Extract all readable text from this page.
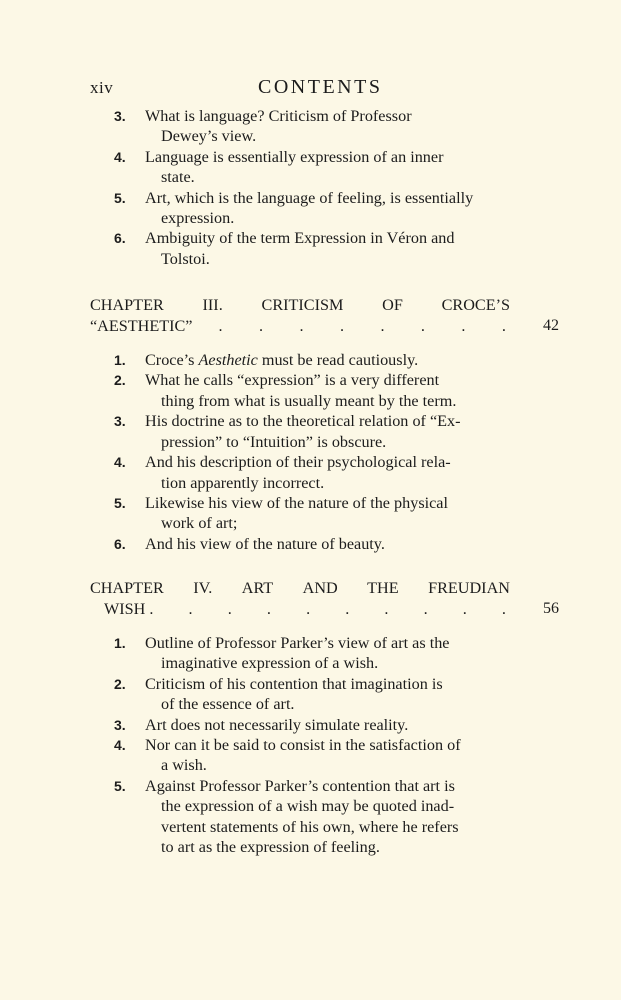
xiv	CONTENTS
3. What is language? Criticism of Professor
Dewey’s view.
4. Language is essentially expression of an inner
state.
5. Art, which is the language of feeling, is essentially
expression.
6. Ambiguity of the term Expression in Véron and
Tolstoi.
CHAPTER III. CRITICISM OF CROCE’S
“AESTHETIC” . . . . . . . . 42
1. Croce’s Aesthetic must be read cautiously.
2. What he calls “expression” is a very different
thing from what is usually meant by the term.
3. His doctrine as to the theoretical relation of “Ex-
pression” to “Intuition” is obscure.
4. And his description of their psychological rela-
tion apparently incorrect.
5. Likewise his view of the nature of the physical
work of art;
6. And his view of the nature of beauty.
CHAPTER IV. ART AND THE FREUDIAN
WISH . . . . . . . . . . 56
1. Outline of Professor Parker’s view of art as the
imaginative expression of a wish.
2. Criticism of his contention that imagination is
of the essence of art.
3. Art does not necessarily simulate reality.
4. Nor can it be said to consist in the satisfaction of
a wish.
5. Against Professor Parker’s contention that art is
the expression of a wish may be quoted inad-
vertent statements of his own, where he refers
to art as the expression of feeling.
